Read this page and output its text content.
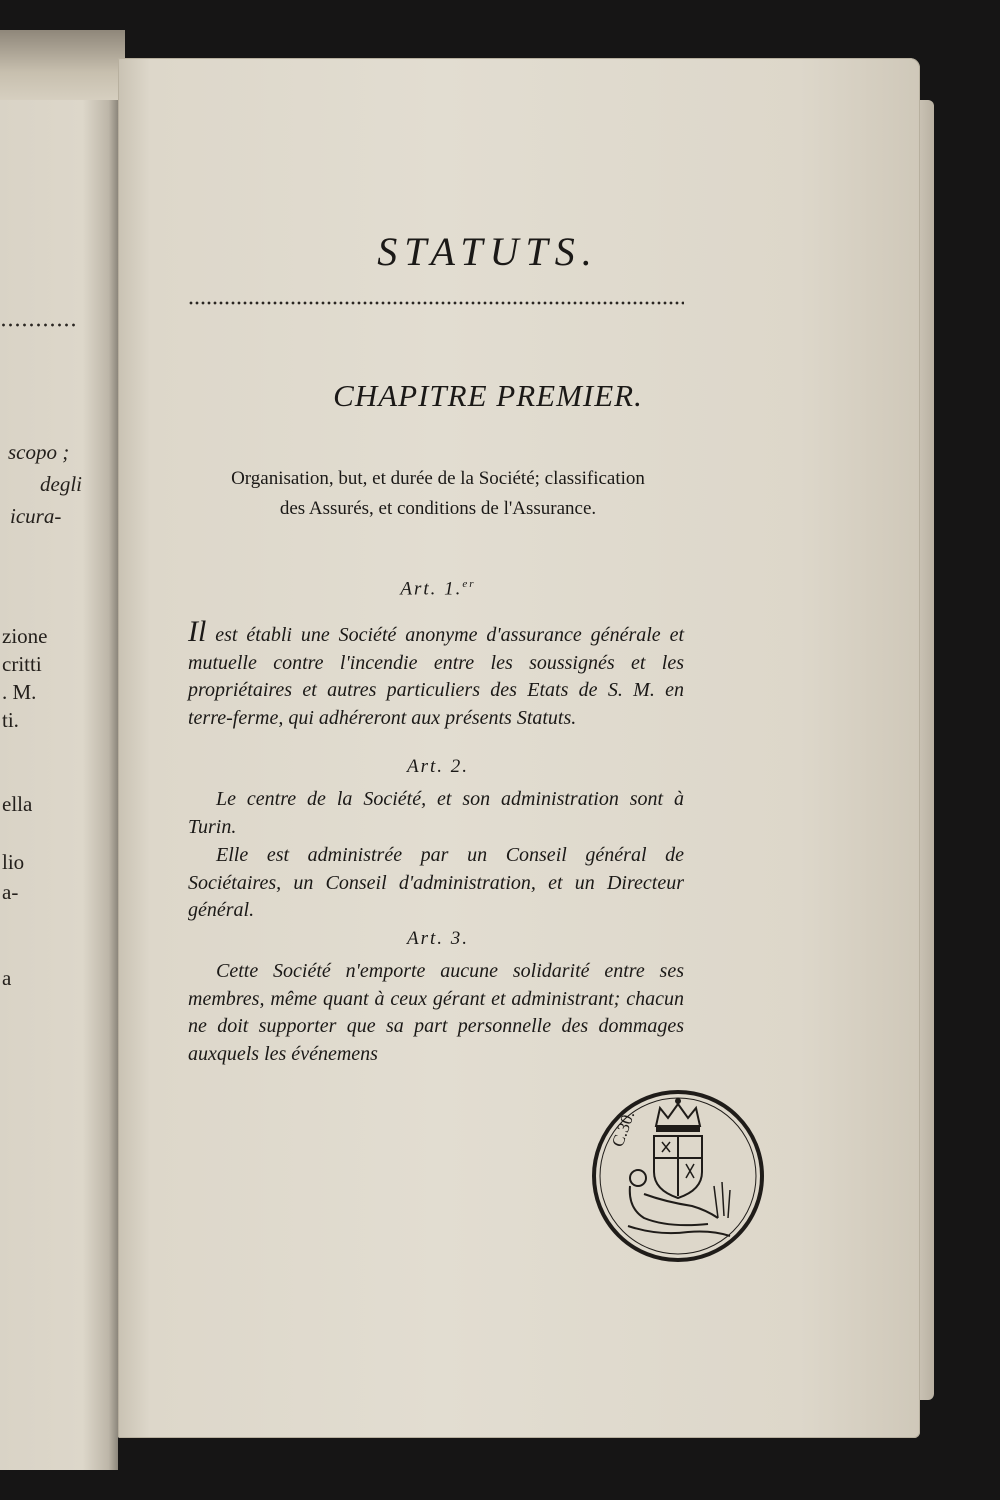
scopo ;
degli
icura-
zione
critti
. M.
ti.
ella
lio
a-
a
STATUTS.
CHAPITRE PREMIER.
Organisation, but, et durée de la Société; classification
des Assurés, et conditions de l'Assurance.
Art. 1.$^{er}$

Il est établi une Société anonyme d'assurance générale et mutuelle contre l'incendie entre les soussignés et les propriétaires et autres particuliers des Etats de S. M. en terre-ferme, qui adhéreront aux présents Statuts.

Art. 2.

Le centre de la Société, et son administration sont à Turin.

Elle est administrée par un Conseil général de Sociétaires, un Conseil d'administration, et un Directeur général.

Art. 3.

Cette Société n'emporte aucune solidarité entre ses membres, même quant à ceux gérant et administrant; chacun ne doit supporter que sa part personnelle des dommages auxquels les événemens

C.30.
